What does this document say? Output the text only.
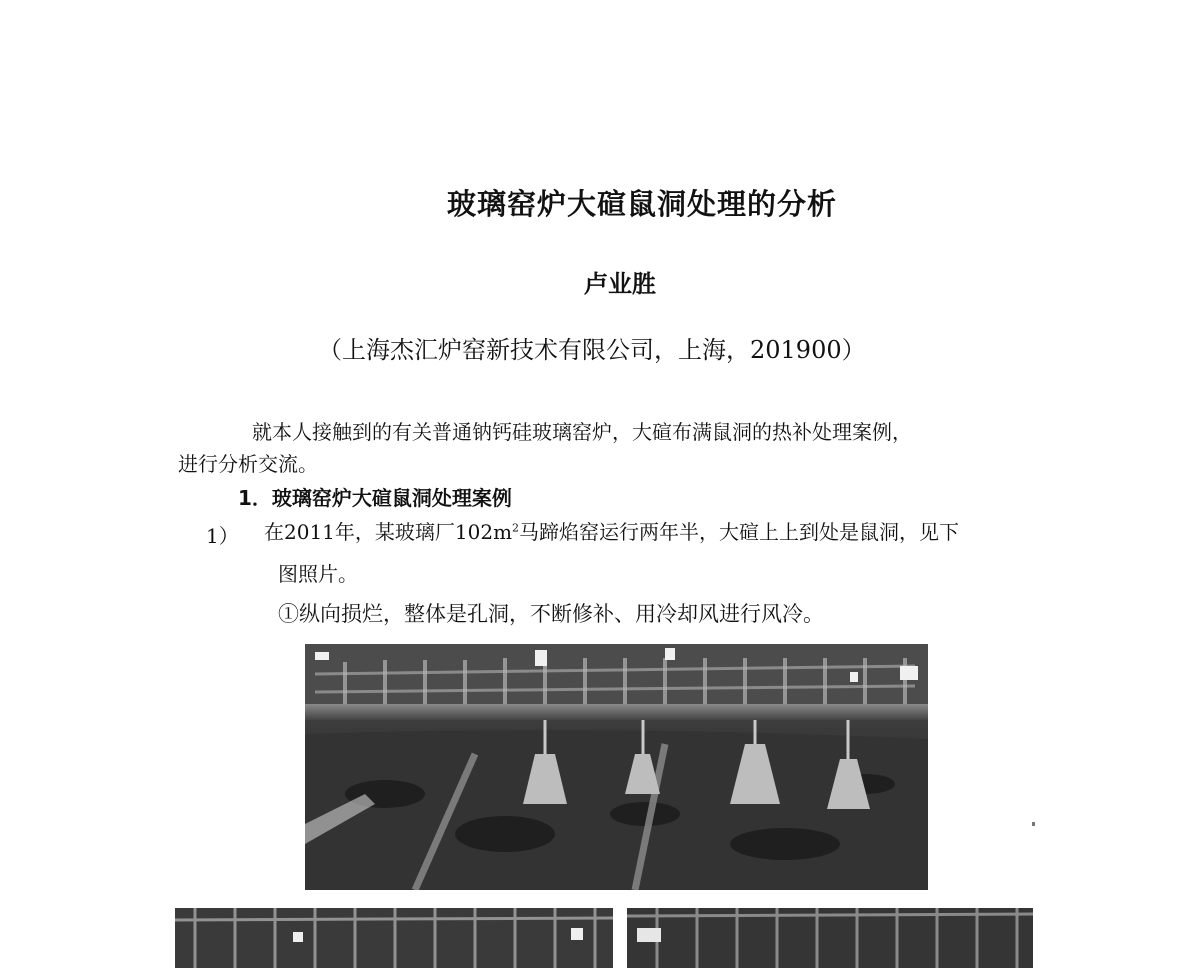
玻璃窑炉大碹鼠洞处理的分析
卢业胜
（上海杰汇炉窑新技术有限公司，上海，201900）
就本人接触到的有关普通钠钙硅玻璃窑炉，大碹布满鼠洞的热补处理案例，
进行分析交流。
1．玻璃窑炉大碹鼠洞处理案例
1） 在2011年，某玻璃厂$102m^2$马蹄焰窑运行两年半，大碹上上到处是鼠洞，见下
图照片。
①纵向损烂，整体是孔洞，不断修补、用冷却风进行风冷。
